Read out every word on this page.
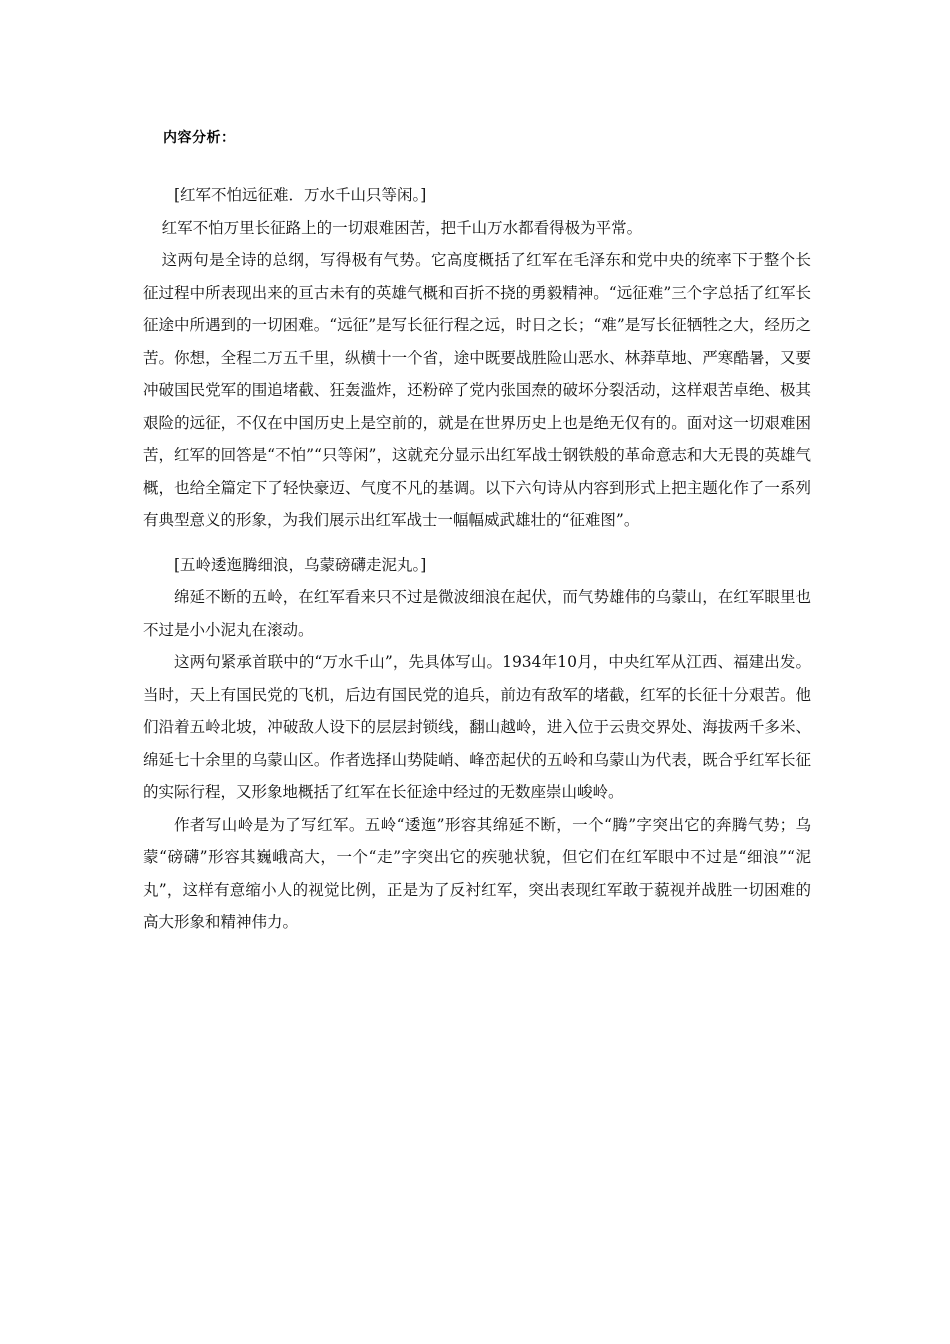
内容分析：

[红军不怕远征难．万水千山只等闲。]

红军不怕万里长征路上的一切艰难困苦，把千山万水都看得极为平常。

这两句是全诗的总纲，写得极有气势。它高度概括了红军在毛泽东和党中央的统率下于整个长征过程中所表现出来的亘古未有的英雄气概和百折不挠的勇毅精神。“远征难”三个字总括了红军长征途中所遇到的一切困难。“远征”是写长征行程之远，时日之长；“难”是写长征牺牲之大，经历之苦。你想，全程二万五千里，纵横十一个省，途中既要战胜险山恶水、林莽草地、严寒酷暑，又要冲破国民党军的围追堵截、狂轰滥炸，还粉碎了党内张国焘的破坏分裂活动，这样艰苦卓绝、极其艰险的远征，不仅在中国历史上是空前的，就是在世界历史上也是绝无仅有的。面对这一切艰难困苦，红军的回答是“不怕”“只等闲”，这就充分显示出红军战士钢铁般的革命意志和大无畏的英雄气概，也给全篇定下了轻快豪迈、气度不凡的基调。以下六句诗从内容到形式上把主题化作了一系列有典型意义的形象，为我们展示出红军战士一幅幅威武雄壮的“征难图”。

[五岭逶迤腾细浪，乌蒙磅礴走泥丸。]

绵延不断的五岭，在红军看来只不过是微波细浪在起伏，而气势雄伟的乌蒙山，在红军眼里也不过是小小泥丸在滚动。

这两句紧承首联中的“万水千山”，先具体写山。1934年10月，中央红军从江西、福建出发。当时，天上有国民党的飞机，后边有国民党的追兵，前边有敌军的堵截，红军的长征十分艰苦。他们沿着五岭北坡，冲破敌人设下的层层封锁线，翻山越岭，进入位于云贵交界处、海拔两千多米、绵延七十余里的乌蒙山区。作者选择山势陡峭、峰峦起伏的五岭和乌蒙山为代表，既合乎红军长征的实际行程，又形象地概括了红军在长征途中经过的无数座崇山峻岭。

作者写山岭是为了写红军。五岭“逶迤”形容其绵延不断，一个“腾”字突出它的奔腾气势；乌蒙“磅礴”形容其巍峨高大，一个“走”字突出它的疾驰状貌，但它们在红军眼中不过是“细浪”“泥丸”，这样有意缩小人的视觉比例，正是为了反衬红军，突出表现红军敢于藐视并战胜一切困难的高大形象和精神伟力。
